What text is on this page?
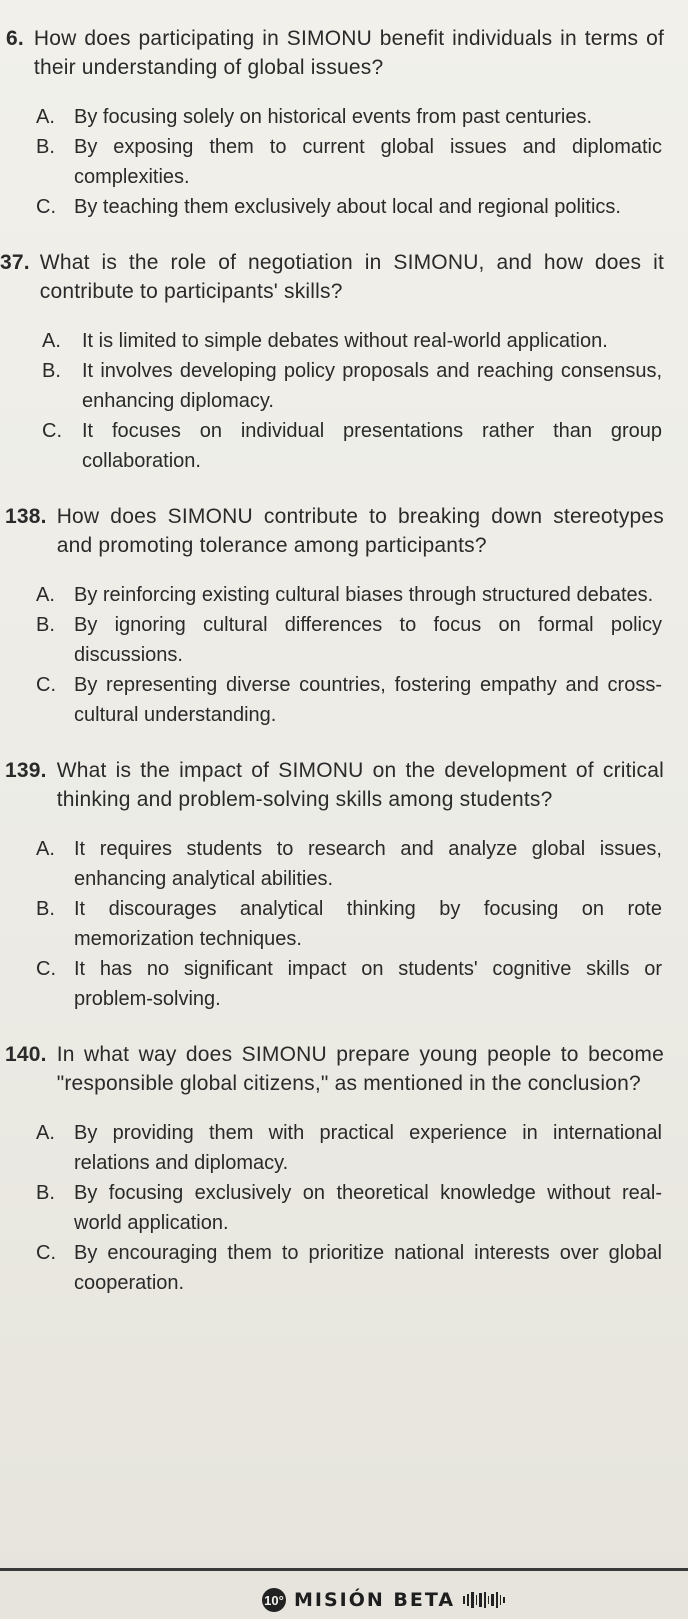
6. How does participating in SIMONU benefit individuals in terms of their understanding of global issues?
A. By focusing solely on historical events from past centuries.
B. By exposing them to current global issues and diplomatic complexities.
C. By teaching them exclusively about local and regional politics.
37. What is the role of negotiation in SIMONU, and how does it contribute to participants' skills?
A.	It is limited to simple debates without real-world application.
B.	It involves developing policy proposals and reaching consensus, enhancing diplomacy.
C.	It focuses on individual presentations rather than group collaboration.
138. How does SIMONU contribute to breaking down stereotypes and promoting tolerance among participants?
A. By reinforcing existing cultural biases through structured debates.
B. By ignoring cultural differences to focus on formal policy discussions.
C. By representing diverse countries, fostering empathy and cross-cultural understanding.
139. What is the impact of SIMONU on the development of critical thinking and problem-solving skills among students?
A. It requires students to research and analyze global issues, enhancing analytical abilities.
B. It discourages analytical thinking by focusing on rote memorization techniques.
C. It has no significant impact on students' cognitive skills or problem-solving.
140. In what way does SIMONU prepare young people to become "responsible global citizens," as mentioned in the conclusion?
A. By providing them with practical experience in international relations and diplomacy.
B. By focusing exclusively on theoretical knowledge without real-world application.
C. By encouraging them to prioritize national interests over global cooperation.
10° MISIÓN BETA
